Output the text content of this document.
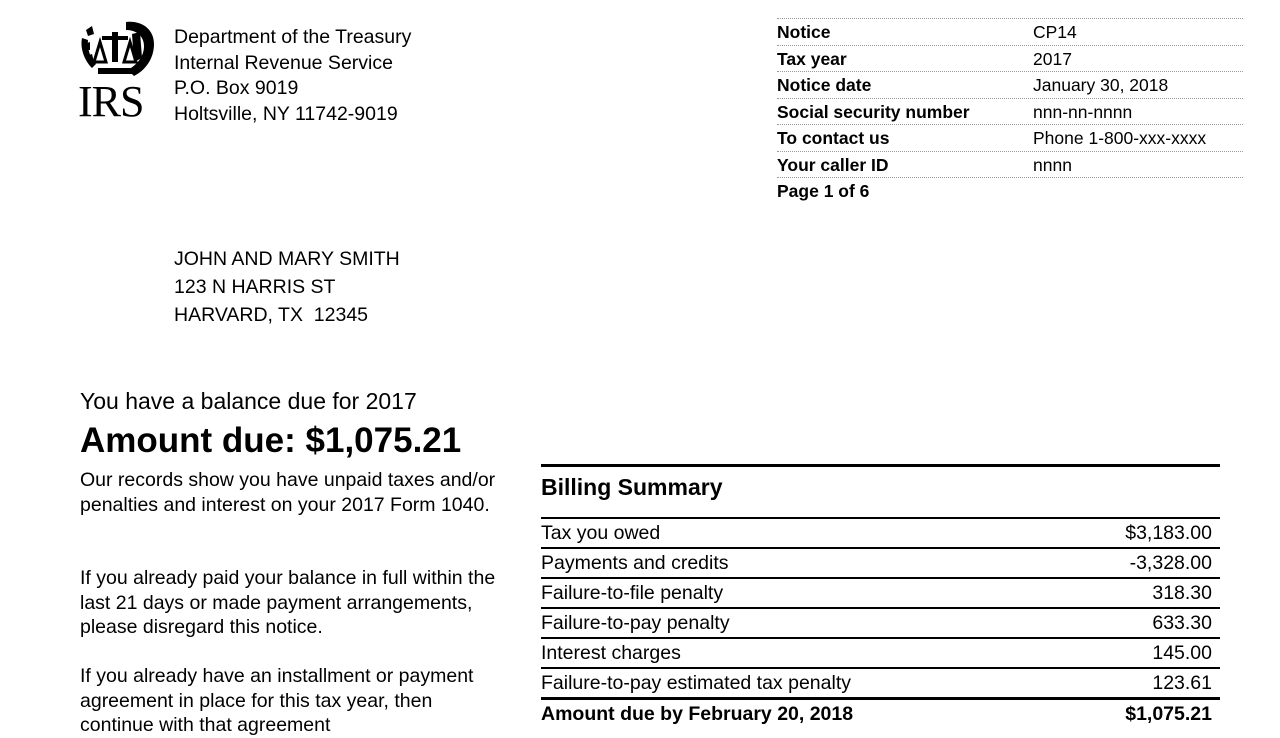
IRS
Department of the Treasury
Internal Revenue Service
P.O. Box 9019
Holtsville, NY 11742-9019
Notice	CP14
Tax year	2017
Notice date	January 30, 2018
Social security number	nnn-nn-nnnn
To contact us	Phone 1-800-xxx-xxxx
Your caller ID	nnnn
Page 1 of 6
JOHN AND MARY SMITH
123 N HARRIS ST
HARVARD, TX  12345
You have a balance due for 2017
Amount due: $1,075.21
Our records show you have unpaid taxes and/or penalties and interest on your 2017 Form 1040.
If you already paid your balance in full within the last 21 days or made payment arrangements, please disregard this notice.
If you already have an installment or payment agreement in place for this tax year, then continue with that agreement
Billing Summary
Tax you owed	$3,183.00
Payments and credits	-3,328.00
Failure-to-file penalty	318.30
Failure-to-pay penalty	633.30
Interest charges	145.00
Failure-to-pay estimated tax penalty	123.61
Amount due by February 20, 2018	$1,075.21
